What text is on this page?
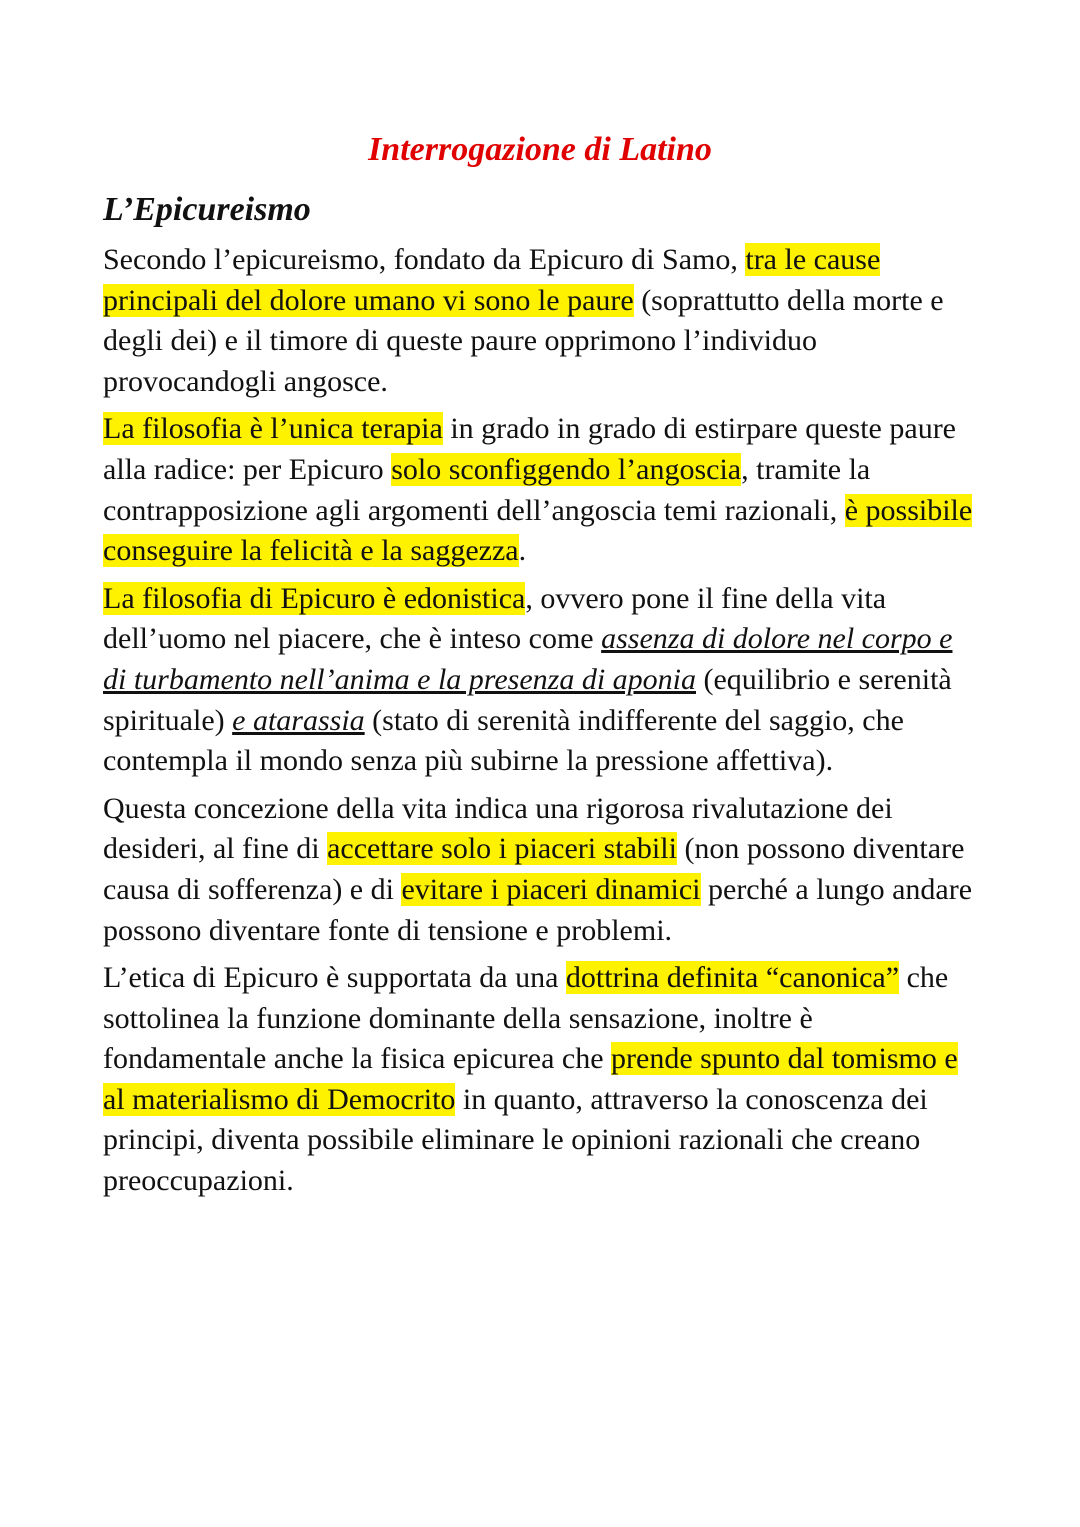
Interrogazione di Latino
L’Epicureismo

Secondo l’epicureismo, fondato da Epicuro di Samo, tra le cause principali del dolore umano vi sono le paure (soprattutto della morte e degli dei) e il timore di queste paure opprimono l’individuo provocandogli angosce.

La filosofia è l’unica terapia in grado in grado di estirpare queste paure alla radice: per Epicuro solo sconfiggendo l’angoscia, tramite la contrapposizione agli argomenti dell’angoscia temi razionali, è possibile conseguire la felicità e la saggezza.

La filosofia di Epicuro è edonistica, ovvero pone il fine della vita dell’uomo nel piacere, che è inteso come assenza di dolore nel corpo e di turbamento nell’anima e la presenza di aponia (equilibrio e serenità spirituale) e atarassia (stato di serenità indifferente del saggio, che contempla il mondo senza più subirne la pressione affettiva).

Questa concezione della vita indica una rigorosa rivalutazione dei desideri, al fine di accettare solo i piaceri stabili (non possono diventare causa di sofferenza) e di evitare i piaceri dinamici perché a lungo andare possono diventare fonte di tensione e problemi.

L’etica di Epicuro è supportata da una dottrina definita “canonica” che sottolinea la funzione dominante della sensazione, inoltre è fondamentale anche la fisica epicurea che prende spunto dal tomismo e al materialismo di Democrito in quanto, attraverso la conoscenza dei principi, diventa possibile eliminare le opinioni razionali che creano preoccupazioni.
